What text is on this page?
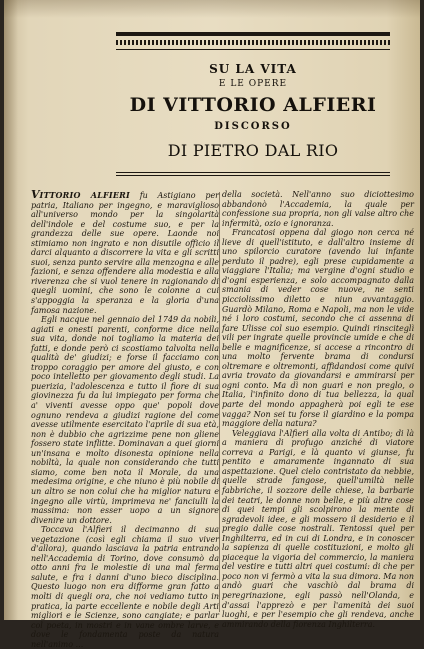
SU LA VITA
E LE OPERE
DI VITTORIO ALFIERI
DISCORSO
DI PIETRO DAL RIO

VITTORIO ALFIERI fu Astigiano per patria, Italiano per ingegno, e maraviglioso all'universo mondo per la singolarità dell'indole e del costume suo, e per la grandezza delle sue opere. Laonde noi stimiamo non ingrato e non disutile officio il darci alquanto a discorrere la vita e gli scritti suoi, senza punto servire alla menzogna e alle fazioni, e senza offendere alla modestia e alla riverenza che si vuol tenere in ragionando di quegli uomini, che sono le colonne a cui s'appoggia la speranza e la gloria d'una famosa nazione.

Egli nacque nel gennaio del 1749 da nobili, agiati e onesti parenti, conforme dice nella sua vita, donde noi togliamo la materia dei fatti, e donde però ci scostiamo talvolta nella qualità de' giudizi; e forse il facciamo con troppo coraggio per amore del giusto, e con poco intelletto per giovamento degli studi. La puerizia, l'adolescenza e tutto il fiore di sua giovinezza fu da lui impiegato per forma che a' viventi avesse oppo que' popoli dove ognuno rendeva a giudizi ragione del come avesse utilmente esercitato l'aprile di sua età, non è dubbio che agrizzime pene non gliene fossero state inflitte. Dominavan a quei giorni un'insana e molto disonesta opinione nella nobiltà, la quale non considerando che tutti siamo, come ben nota il Morale, da una medesima origine, e che niuno è più nobile di un altro se non colui che ha miglior natura e ingegno alle virtù, imprimeva ne' fanciulli la massima: non esser uopo a un signore divenire un dottore.

Toccava l'Alfieri il decimanno di sua vegetazione (così egli chiama il suo viver d'allora), quando lasciava la patria entrando nell'Accademia di Torino, dove consumò da otto anni fra le molestie di una mal ferma salute, e fra i danni d'uno bieco disciplina. Questo luogo non era difforme gran fatto a molti di quegli ora, che noi vediamo tutto in pratica, la parte eccellente e nobile degli Arti migliori e le Scienze, sono cangiate; e parlar col poeta, in mostri e in vane ombre larve, e dove le fondamenta poste da natura nell'animo ...

della società. Nell'anno suo diciottesimo abbandonò l'Accademia, la quale per confessione sua propria, non gli valse altro che infermità, ozio e ignoranza.

Francatosi oppena dal giogo non cerca né lieve di quell'istituto, e dall'altro insieme di uno spilorcio curatore (avendo lui infante perduto il padre), egli prese cupidamente a viaggiare l'Italia; ma vergine d'ogni studio e d'ogni esperienza, e solo accompagnato dalla smania di veder cose nuove, ne senti picciolissimo diletto e niun avvantaggio. Guardò Milano, Roma e Napoli, ma non le vide né i loro costumi, secondo che ci assenna di fare Ulisse col suo esempio. Quindi rinsciteglì vili per ingrate quelle provincie umide e che di belle e magnificenze, si accese a rincontro di una molto fervente brama di condursi oltremare e oltremonti, affidandosi come quivi avria trovato da giovandarsi e ammirarsi per ogni conto. Ma dì non guari e non preglo, o Italia, l'infinito dono di tua bellezza, la qual parte del mondo appagherà poi egli te ese vagga? Non sei tu forse il giardino e la pompa maggiore della natura?

Veleggiava l'Alfieri alla volta di Antibo; di là a maniera di profugo anziché di viatore correva a Parigi, e là quanto vi giunse, fu pentito e amaramente ingannato di sua aspettazione. Quel cielo contristato da nebbie, quelle strade fangose, quell'umiltà nelle fabbriche, il sozzore delle chiese, la barbarie dei teatri, le donne non belle, e più altre cose di quei tempi gli scolpirono la mente di sgradevoli idee, e gli mossero il desiderio e il pregio dalle cose nostrali. Tentossi quel per Inghilterra, ed in cui di Londra, e in conoscer la sapienza di quelle costituzioni, e molto gli piaceque la vigoria del commercio, la maniera del vestire e tutti altri quei costumi: di che per poco non vi fermò a vita la sua dimora. Ma non andò guari che vaschiò dal brama di peregrinazione, egli passò nell'Olanda, e d'assai l'apprezò e per l'amenità dei suoi luoghi, e per l'esempio che gli rendeva, anche ammirando della fiorenza Inghilterra.
